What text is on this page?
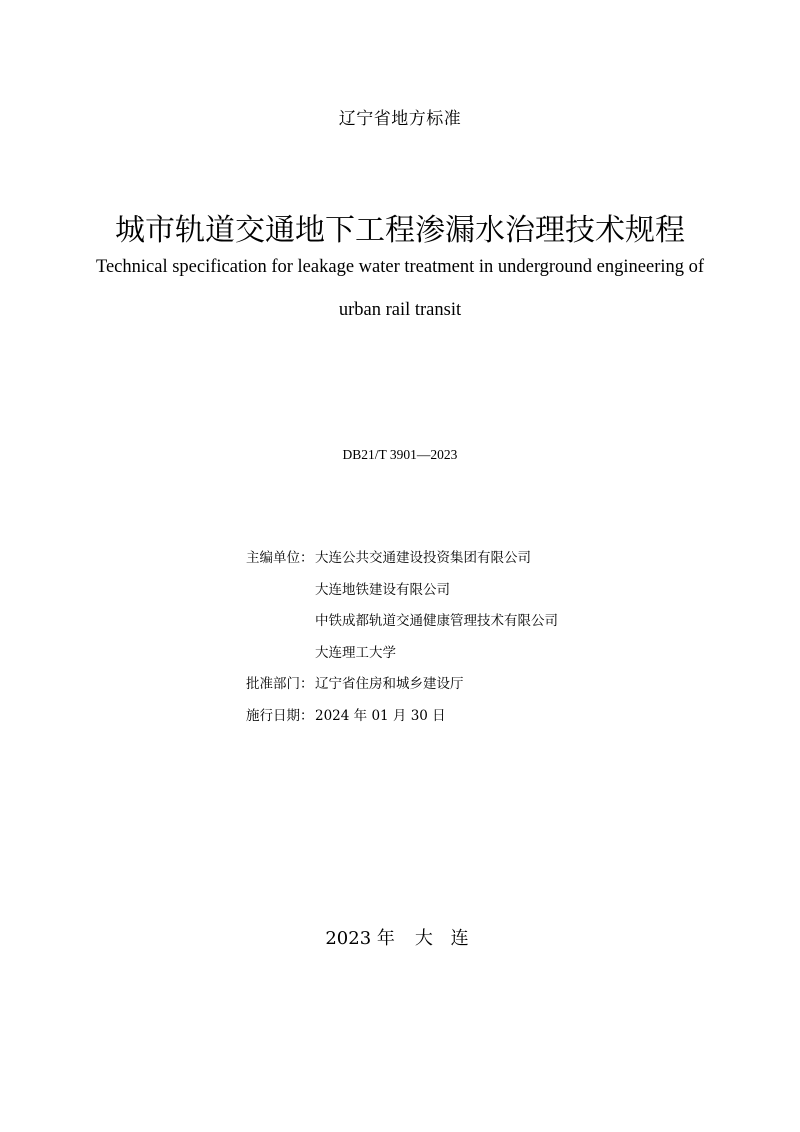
辽宁省地方标准
城市轨道交通地下工程渗漏水治理技术规程
Technical specification for leakage water treatment in underground engineering of
urban rail transit
DB21/T 3901—2023
主编单位： 大连公共交通建设投资集团有限公司
大连地铁建设有限公司
中铁成都轨道交通健康管理技术有限公司
大连理工大学
批准部门： 辽宁省住房和城乡建设厅
施行日期： 2024 年 01 月 30 日
2023 年 大 连
